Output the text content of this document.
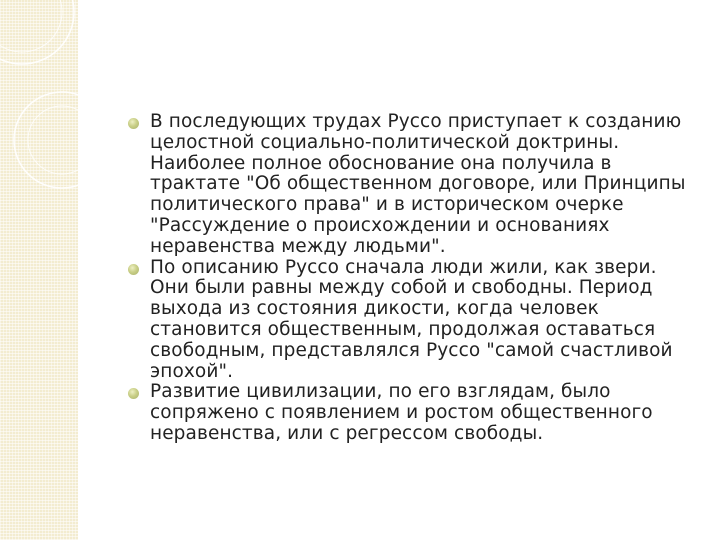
В последующих трудах Руссо приступает к созданию целостной социально-политической доктрины. Наиболее полное обоснование она получила в трактате "Об общественном договоре, или Принципы политического права" и в историческом очерке "Рассуждение о происхождении и основаниях неравенства между людьми".
По описанию Руссо сначала люди жили, как звери. Они были равны между собой и свободны. Период выхода из состояния дикости, когда человек становится общественным, продолжая оставаться свободным, представлялся Руссо "самой счастливой эпохой".
Развитие цивилизации, по его взглядам, было сопряжено с появлением и ростом общественного неравенства, или с регрессом свободы.
